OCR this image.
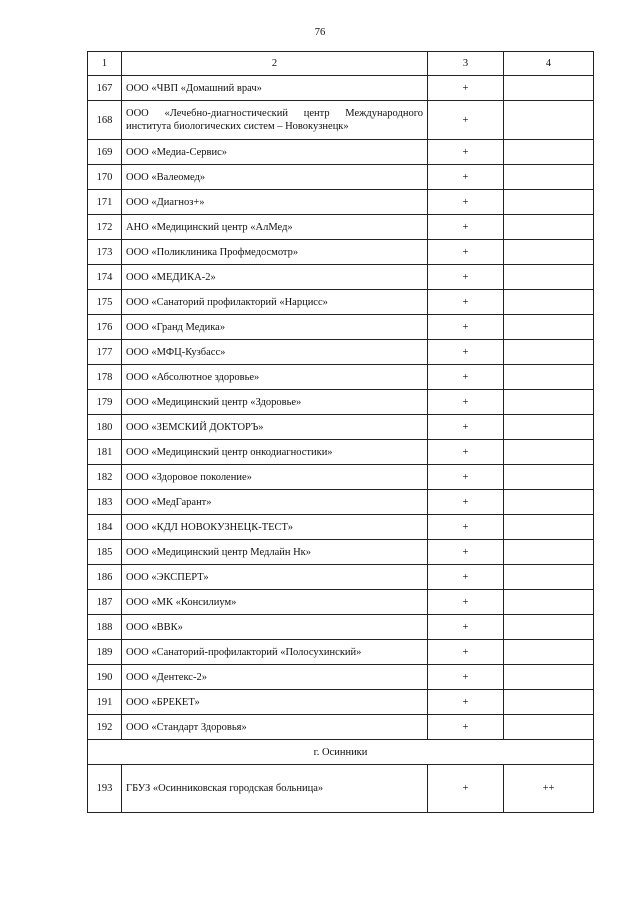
76
1	2	3	4
167	ООО «ЧВП «Домашний врач»	+	
168	ООО «Лечебно-диагностический центр Международного института биологических систем – Новокузнецк»	+	
169	ООО «Медиа-Сервис»	+	
170	ООО «Валеомед»	+	
171	ООО «Диагноз+»	+	
172	АНО «Медицинский центр «АлМед»	+	
173	ООО «Поликлиника Профмедосмотр»	+	
174	ООО «МЕДИКА-2»	+	
175	ООО «Санаторий профилакторий «Нарцисс»	+	
176	ООО «Гранд Медика»	+	
177	ООО «МФЦ-Кузбасс»	+	
178	ООО «Абсолютное здоровье»	+	
179	ООО «Медицинский центр «Здоровье»	+	
180	ООО «ЗЕМСКИЙ ДОКТОРЪ»	+	
181	ООО «Медицинский центр онкодиагностики»	+	
182	ООО «Здоровое поколение»	+	
183	ООО «МедГарант»	+	
184	ООО «КДЛ НОВОКУЗНЕЦК-ТЕСТ»	+	
185	ООО «Медицинский центр Медлайн Нк»	+	
186	ООО «ЭКСПЕРТ»	+	
187	ООО «МК «Консилиум»	+	
188	ООО «ВВК»	+	
189	ООО «Санаторий-профилакторий «Полосухинский»	+	
190	ООО «Дентекс-2»	+	
191	ООО «БРЕКЕТ»	+	
192	ООО «Стандарт Здоровья»	+	
г. Осинники			
193	ГБУЗ «Осинниковская городская больница»	+	++
